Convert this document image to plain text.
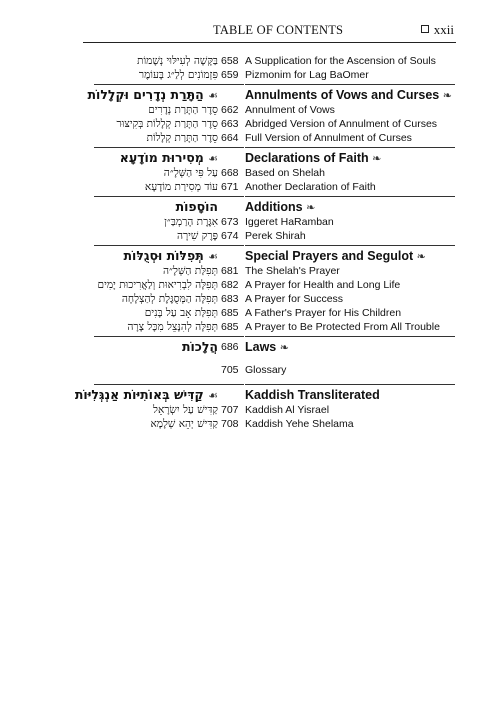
TABLE OF CONTENTS	xxii
בַּקָּשָׁה לְעִילּוּי נְשָׁמוֹת 658 A Supplication for the Ascension of Souls
פִּזְמוֹנִים לְלַ״ג בָּעוֹמֶר 659 Pizmonim for Lag BaOmer
☙ הַתָּרַת נְדָרִים וּקְלָלוֹת	Annulments of Vows and Curses ❧
סֵדֶר הַתָּרַת נְדָרִים 662 Annulment of Vows
סֵדֶר הַתָּרַת קְלָלוֹת בְּקִיצּוּר 663 Abridged Version of Annulment of Curses
סֵדֶר הַתָּרַת קְלָלוֹת 664 Full Version of Annulment of Curses
☙ מְסִירוּת מוֹדָעָא	Declarations of Faith ❧
עַל פִּי הַשְּׁלָ״ה 668 Based on Shelah
עוֹד מְסִירַת מוֹדָעָא 671 Another Declaration of Faith
הוֹסָפוֹת Additions ❧
אִגֶּרֶת הָרַמְבַּ״ן 673 Iggeret HaRamban
פֶּרֶק שִׁירָה 674 Perek Shirah
☙ תְּפִלּוֹת וּסְגֻלּוֹת	Special Prayers and Segulot ❧
תְּפִלַּת הַשְּׁלָ״ה 681 The Shelah's Prayer
תְּפִלָּה לִבְרִיאוּת וְלַאֲרִיכוּת יָמִים 682 A Prayer for Health and Long Life
תְּפִלָּה הַמְּסֻגֶּלֶת לְהַצְלָחָה 683 A Prayer for Success
תְּפִלַּת אָב עַל בָּנִים 685 A Father's Prayer for His Children
תְּפִלָּה לְהִנָּצֵל מִכָּל צָרָה 685 A Prayer to Be Protected From All Trouble
הֲלָכוֹת 686 Laws ❧
705 Glossary
☙ קַדִּישׁ בְּאוֹתִיּוֹת אַנְגְּלִיּוֹת	Kaddish Transliterated
קַדִּישׁ עַל יִשְׂרָאֵל 707 Kaddish Al Yisrael
קַדִּישׁ יְהֵא שְׁלָמָא 708 Kaddish Yehe Shelama
